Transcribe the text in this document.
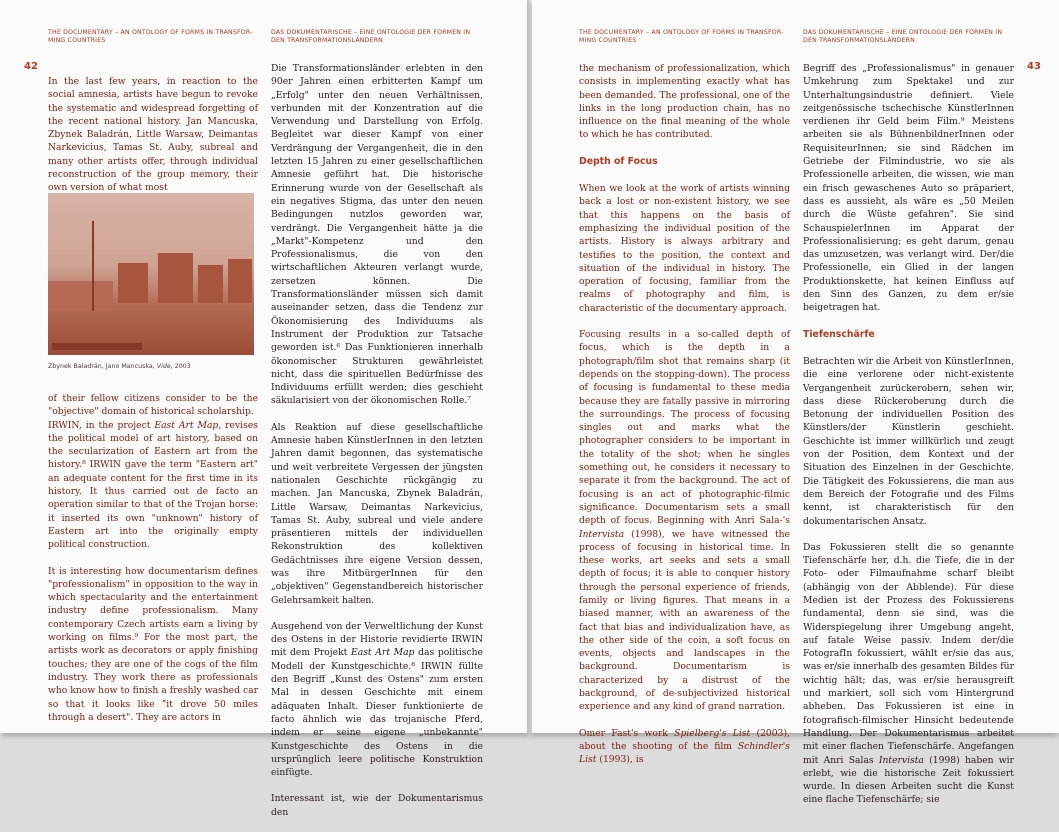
THE DOCUMENTARY – AN ONTOLOGY OF FORMS IN TRANSFOR-MING COUNTRIES
DAS DOKUMENTARISCHE – EINE ONTOLOGIE DER FORMEN IN DEN TRANSFORMATIONSLÄNDERN
42

In the last few years, in reaction to the social amnesia, artists have begun to revoke the systematic and widespread forgetting of the recent national history. Jan Mancuska, Zbynek Baladrán, Little Warsaw, Deimantas Narkevicius, Tamas St. Auby, subreal and many other artists offer, through individual reconstruction of the group memory, their own version of what most

Zbynek Baladrán, Jano Mancuska, Vide, 2003

of their fellow citizens consider to be the "objective" domain of historical scholarship.

IRWIN, in the project East Art Map, revises the political model of art history, based on the secularization of Eastern art from the history.⁸ IRWIN gave the term "Eastern art" an adequate content for the first time in its history. It thus carried out de facto an operation similar to that of the Trojan horse: it inserted its own "unknown" history of Eastern art into the originally empty political construction.

It is interesting how documentarism defines "professionalism" in opposition to the way in which spectacularity and the entertainment industry define professionalism. Many contemporary Czech artists earn a living by working on films.⁹ For the most part, the artists work as decorators or apply finishing touches; they are one of the cogs of the film industry. They work there as professionals who know how to finish a freshly washed car so that it looks like "it drove 50 miles through a desert". They are actors in

Die Transformationsländer erlebten in den 90er Jahren einen erbitterten Kampf um „Erfolg" unter den neuen Verhältnissen, verbunden mit der Konzentration auf die Verwendung und Darstellung von Erfolg. Begleitet war dieser Kampf von einer Verdrängung der Vergangenheit, die in den letzten 15 Jahren zu einer gesellschaftlichen Amnesie geführt hat. Die historische Erinnerung wurde von der Gesellschaft als ein negatives Stigma, das unter den neuen Bedingungen nutzlos geworden war, verdrängt. Die Vergangenheit hätte ja die „Markt"-Kompetenz und den Professionalismus, die von den wirtschaftlichen Akteuren verlangt wurde, zersetzen können. Die Transformationsländer müssen sich damit auseinander setzen, dass die Tendenz zur Ökonomisierung des Individuums als Instrument der Produktion zur Tatsache geworden ist.⁶ Das Funktionieren innerhalb ökonomischer Strukturen gewährleistet nicht, dass die spirituellen Bedürfnisse des Individuums erfüllt werden; dies geschieht säkularisiert von der ökonomischen Rolle.⁷

Als Reaktion auf diese gesellschaftliche Amnesie haben KünstlerInnen in den letzten Jahren damit begonnen, das systematische und weit verbreitete Vergessen der jüngsten nationalen Geschichte rückgängig zu machen. Jan Mancuska, Zbynek Baladrán, Little Warsaw, Deimantas Narkevicius, Tamas St. Auby, subreal und viele andere präsentieren mittels der individuellen Rekonstruktion des kollektiven Gedächtnisses ihre eigene Version dessen, was ihre MitbürgerInnen für den „objektiven" Gegenstandbereich historischer Gelehrsamkeit halten.

Ausgehend von der Verweltlichung der Kunst des Ostens in der Historie revidierte IRWIN mit dem Projekt East Art Map das politische Modell der Kunstgeschichte.⁸ IRWIN füllte den Begriff „Kunst des Ostens" zum ersten Mal in dessen Geschichte mit einem adäquaten Inhalt. Dieser funktionierte de facto ähnlich wie das trojanische Pferd, indem er seine eigene „unbekannte" Kunstgeschichte des Ostens in die ursprünglich leere politische Konstruktion einfügte.

Interessant ist, wie der Dokumentarismus den

THE DOCUMENTARY – AN ONTOLOGY OF FORMS IN TRANSFOR-MING COUNTRIES
DAS DOKUMENTARISCHE – EINE ONTOLOGIE DER FORMEN IN DEN TRANSFORMATIONSLÄNDERN
43

the mechanism of professionalization, which consists in implementing exactly what has been demanded. The professional, one of the links in the long production chain, has no influence on the final meaning of the whole to which he has contributed.

Depth of Focus

When we look at the work of artists winning back a lost or non-existent history, we see that this happens on the basis of emphasizing the individual position of the artists. History is always arbitrary and testifies to the position, the context and situation of the individual in history. The operation of focusing, familiar from the realms of photography and film, is characteristic of the documentary approach.

Focusing results in a so-called depth of focus, which is the depth in a photograph/film shot that remains sharp (it depends on the stopping-down). The process of focusing is fundamental to these media because they are fatally passive in mirroring the surroundings. The process of focusing singles out and marks what the photographer considers to be important in the totality of the shot; when he singles something out, he considers it necessary to separate it from the background. The act of focusing is an act of photographic-filmic significance. Documentarism sets a small depth of focus. Beginning with Anri Sala-'s Intervista (1998), we have witnessed the process of focusing in historical time. In these works, art seeks and sets a small depth of focus; it is able to conquer history through the personal experience of friends, family or living figures. That means in a biased manner, with an awareness of the fact that bias and individualization have, as the other side of the coin, a soft focus on events, objects and landscapes in the background. Documentarism is characterized by a distrust of the background, of de-subjectivized historical experience and any kind of grand narration.

Omer Fast's work Spielberg's List (2003), about the shooting of the film Schindler's List (1993), is

Begriff des „Professionalismus" in genauer Umkehrung zum Spektakel und zur Unterhaltungsindustrie definiert. Viele zeitgenössische tschechische KünstlerInnen verdienen ihr Geld beim Film.⁹ Meistens arbeiten sie als BühnenbildnerInnen oder RequisiteurInnen; sie sind Rädchen im Getriebe der Filmindustrie, wo sie als Professionelle arbeiten, die wissen, wie man ein frisch gewaschenes Auto so präpariert, dass es aussieht, als wäre es „50 Meilen durch die Wüste gefahren". Sie sind SchauspielerInnen im Apparat der Professionalisierung; es geht darum, genau das umzusetzen, was verlangt wird. Der/die Professionelle, ein Glied in der langen Produktionskette, hat keinen Einfluss auf den Sinn des Ganzen, zu dem er/sie beigetragen hat.

Tiefenschärfe

Betrachten wir die Arbeit von KünstlerInnen, die eine verlorene oder nicht-existente Vergangenheit zurückerobern, sehen wir, dass diese Rückeroberung durch die Betonung der individuellen Position des Künstlers/der Künstlerin geschieht. Geschichte ist immer willkürlich und zeugt von der Position, dem Kontext und der Situation des Einzelnen in der Geschichte. Die Tätigkeit des Fokussierens, die man aus dem Bereich der Fotografie und des Films kennt, ist charakteristisch für den dokumentarischen Ansatz.

Das Fokussieren stellt die so genannte Tiefenschärfe her, d.h. die Tiefe, die in der Foto- oder Filmaufnahme scharf bleibt (abhängig von der Abblende). Für diese Medien ist der Prozess des Fokussierens fundamental, denn sie sind, was die Widerspiegelung ihrer Umgebung angeht, auf fatale Weise passiv. Indem der/die FotografIn fokussiert, wählt er/sie das aus, was er/sie innerhalb des gesamten Bildes für wichtig hält; das, was er/sie herausgreift und markiert, soll sich vom Hintergrund abheben. Das Fokussieren ist eine in fotografisch-filmischer Hinsicht bedeutende Handlung. Der Dokumentarismus arbeitet mit einer flachen Tiefenschärfe. Angefangen mit Anri Salas Intervista (1998) haben wir erlebt, wie die historische Zeit fokussiert wurde. In diesen Arbeiten sucht die Kunst eine flache Tiefenschärfe; sie
